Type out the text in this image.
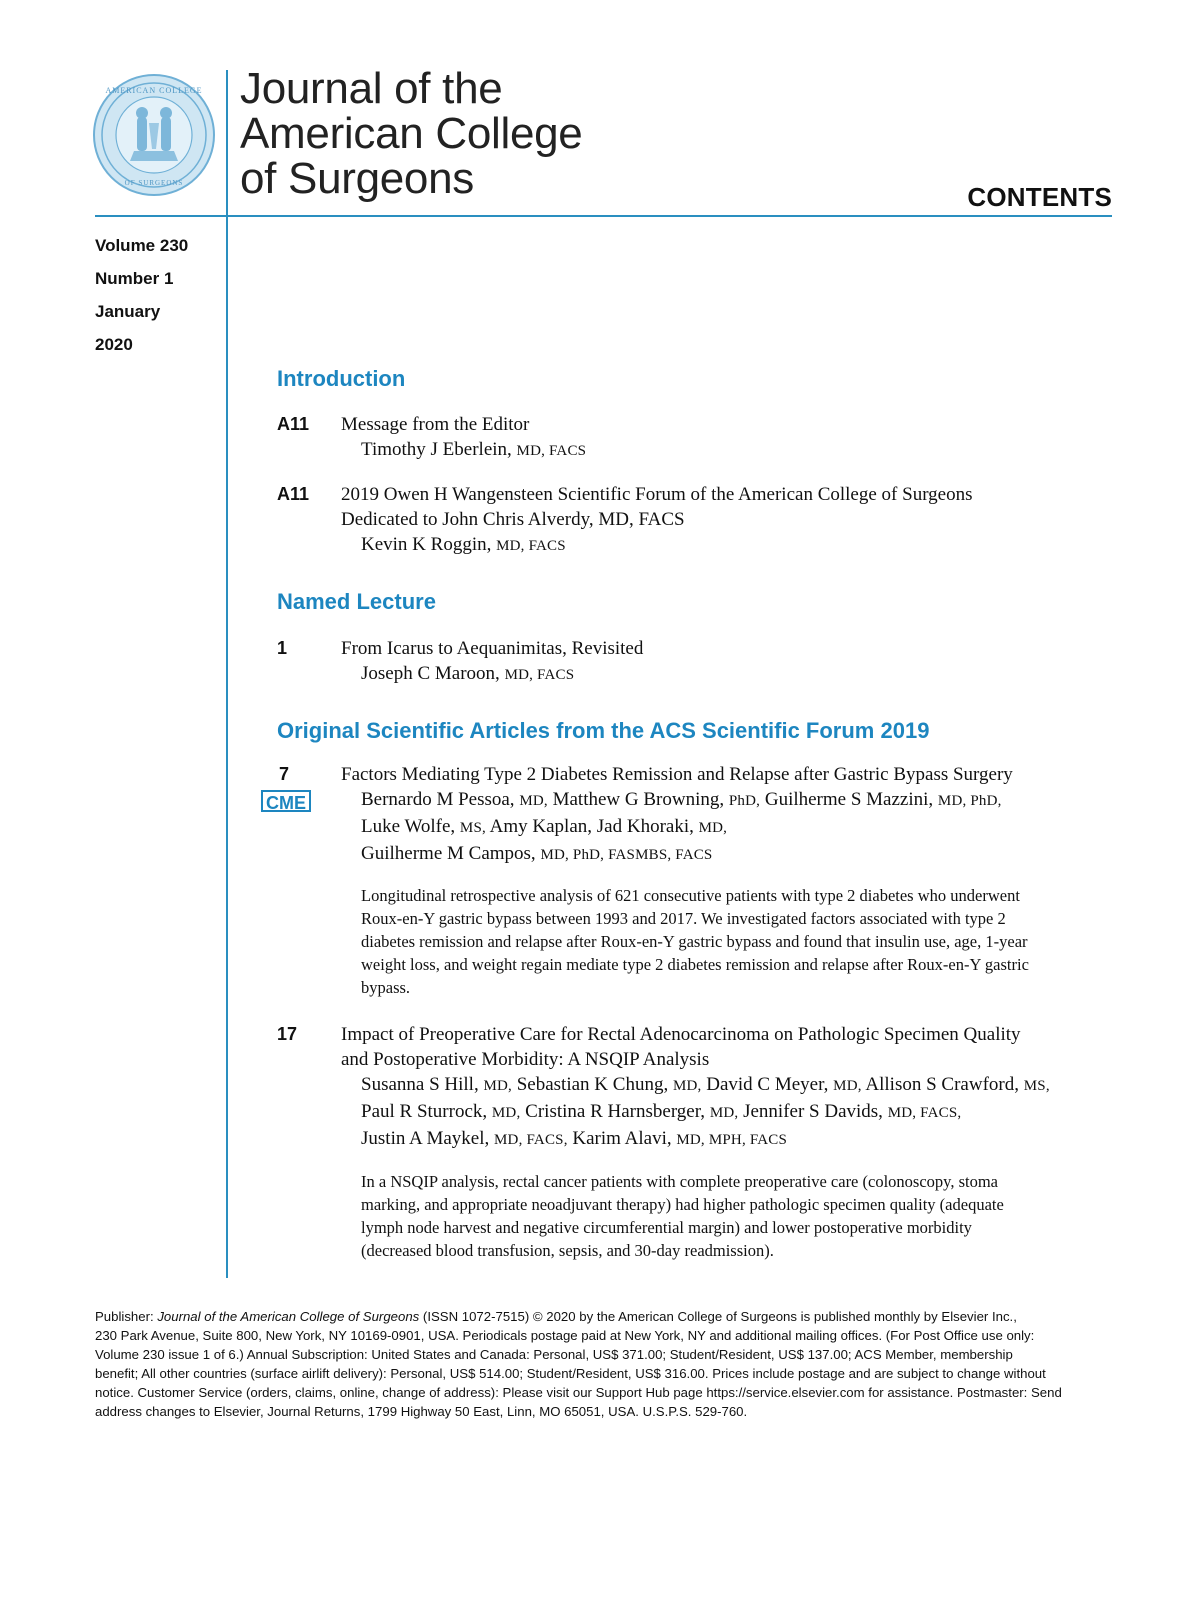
AMERICAN COLLEGE
OF SURGEONS
Journal of the
American College
of Surgeons	CONTENTS
Volume 230
Number 1
January
2020
Introduction
A11 Message from the Editor
Timothy J Eberlein, MD, FACS
A11 2019 Owen H Wangensteen Scientific Forum of the American College of Surgeons
Dedicated to John Chris Alverdy, MD, FACS
Kevin K Roggin, MD, FACS
Named Lecture
1	From Icarus to Aequanimitas, Revisited
Joseph C Maroon, MD, FACS
Original Scientific Articles from the ACS Scientific Forum 2019
7
CME
Factors Mediating Type 2 Diabetes Remission and Relapse after Gastric Bypass Surgery
Bernardo M Pessoa, MD, Matthew G Browning, PhD, Guilherme S Mazzini, MD, PhD,
Luke Wolfe, MS, Amy Kaplan, Jad Khoraki, MD,
Guilherme M Campos, MD, PhD, FASMBS, FACS
Longitudinal retrospective analysis of 621 consecutive patients with type 2 diabetes who underwent
Roux-en-Y gastric bypass between 1993 and 2017. We investigated factors associated with type 2
diabetes remission and relapse after Roux-en-Y gastric bypass and found that insulin use, age, 1-year
weight loss, and weight regain mediate type 2 diabetes remission and relapse after Roux-en-Y gastric
bypass.
17 Impact of Preoperative Care for Rectal Adenocarcinoma on Pathologic Specimen Quality
and Postoperative Morbidity: A NSQIP Analysis
Susanna S Hill, MD, Sebastian K Chung, MD, David C Meyer, MD, Allison S Crawford, MS,
Paul R Sturrock, MD, Cristina R Harnsberger, MD, Jennifer S Davids, MD, FACS,
Justin A Maykel, MD, FACS, Karim Alavi, MD, MPH, FACS
In a NSQIP analysis, rectal cancer patients with complete preoperative care (colonoscopy, stoma
marking, and appropriate neoadjuvant therapy) had higher pathologic specimen quality (adequate
lymph node harvest and negative circumferential margin) and lower postoperative morbidity
(decreased blood transfusion, sepsis, and 30-day readmission).
Publisher: Journal of the American College of Surgeons (ISSN 1072-7515) © 2020 by the American College of Surgeons is published monthly by Elsevier Inc.,
230 Park Avenue, Suite 800, New York, NY 10169-0901, USA. Periodicals postage paid at New York, NY and additional mailing offices. (For Post Office use only:
Volume 230 issue 1 of 6.) Annual Subscription: United States and Canada: Personal, US$ 371.00; Student/Resident, US$ 137.00; ACS Member, membership
benefit; All other countries (surface airlift delivery): Personal, US$ 514.00; Student/Resident, US$ 316.00. Prices include postage and are subject to change without
notice. Customer Service (orders, claims, online, change of address): Please visit our Support Hub page https://service.elsevier.com for assistance. Postmaster: Send
address changes to Elsevier, Journal Returns, 1799 Highway 50 East, Linn, MO 65051, USA. U.S.P.S. 529-760.
